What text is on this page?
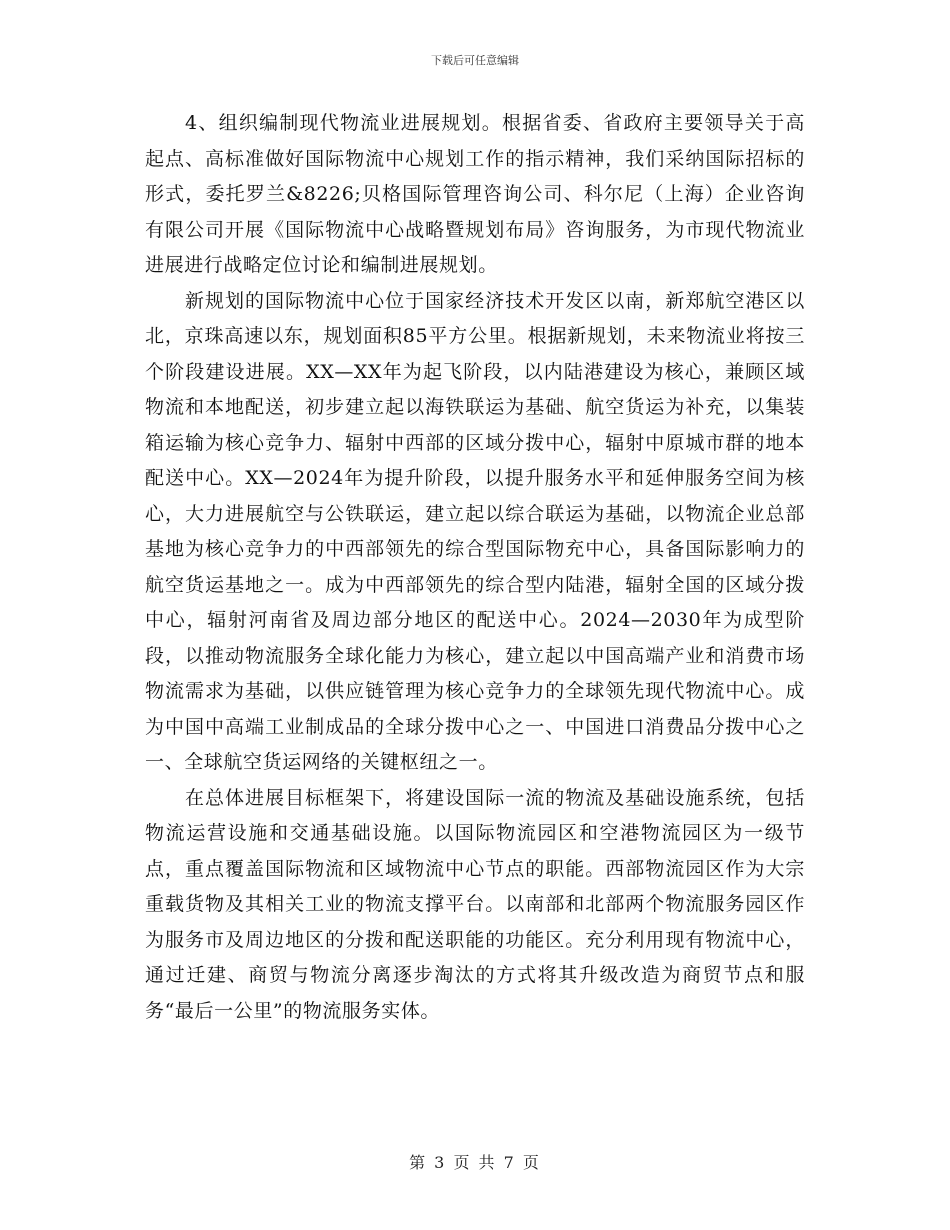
下载后可任意编辑

4、组织编制现代物流业进展规划。根据省委、省政府主要领导关于高起点、高标准做好国际物流中心规划工作的指示精神，我们采纳国际招标的形式，委托罗兰&8226;贝格国际管理咨询公司、科尔尼（上海）企业咨询有限公司开展《国际物流中心战略暨规划布局》咨询服务，为市现代物流业进展进行战略定位讨论和编制进展规划。

新规划的国际物流中心位于国家经济技术开发区以南，新郑航空港区以北，京珠高速以东，规划面积85平方公里。根据新规划，未来物流业将按三个阶段建设进展。XX—XX年为起飞阶段，以内陆港建设为核心，兼顾区域物流和本地配送，初步建立起以海铁联运为基础、航空货运为补充，以集装箱运输为核心竞争力、辐射中西部的区域分拨中心，辐射中原城市群的地本配送中心。XX—2024年为提升阶段，以提升服务水平和延伸服务空间为核心，大力进展航空与公铁联运，建立起以综合联运为基础，以物流企业总部基地为核心竞争力的中西部领先的综合型国际物充中心，具备国际影响力的航空货运基地之一。成为中西部领先的综合型内陆港，辐射全国的区域分拨中心，辐射河南省及周边部分地区的配送中心。2024—2030年为成型阶段，以推动物流服务全球化能力为核心，建立起以中国高端产业和消费市场物流需求为基础，以供应链管理为核心竞争力的全球领先现代物流中心。成为中国中高端工业制成品的全球分拨中心之一、中国进口消费品分拨中心之一、全球航空货运网络的关键枢纽之一。

在总体进展目标框架下，将建设国际一流的物流及基础设施系统，包括物流运营设施和交通基础设施。以国际物流园区和空港物流园区为一级节点，重点覆盖国际物流和区域物流中心节点的职能。西部物流园区作为大宗重载货物及其相关工业的物流支撑平台。以南部和北部两个物流服务园区作为服务市及周边地区的分拨和配送职能的功能区。充分利用现有物流中心，通过迁建、商贸与物流分离逐步淘汰的方式将其升级改造为商贸节点和服务“最后一公里”的物流服务实体。

第 3 页 共 7 页
